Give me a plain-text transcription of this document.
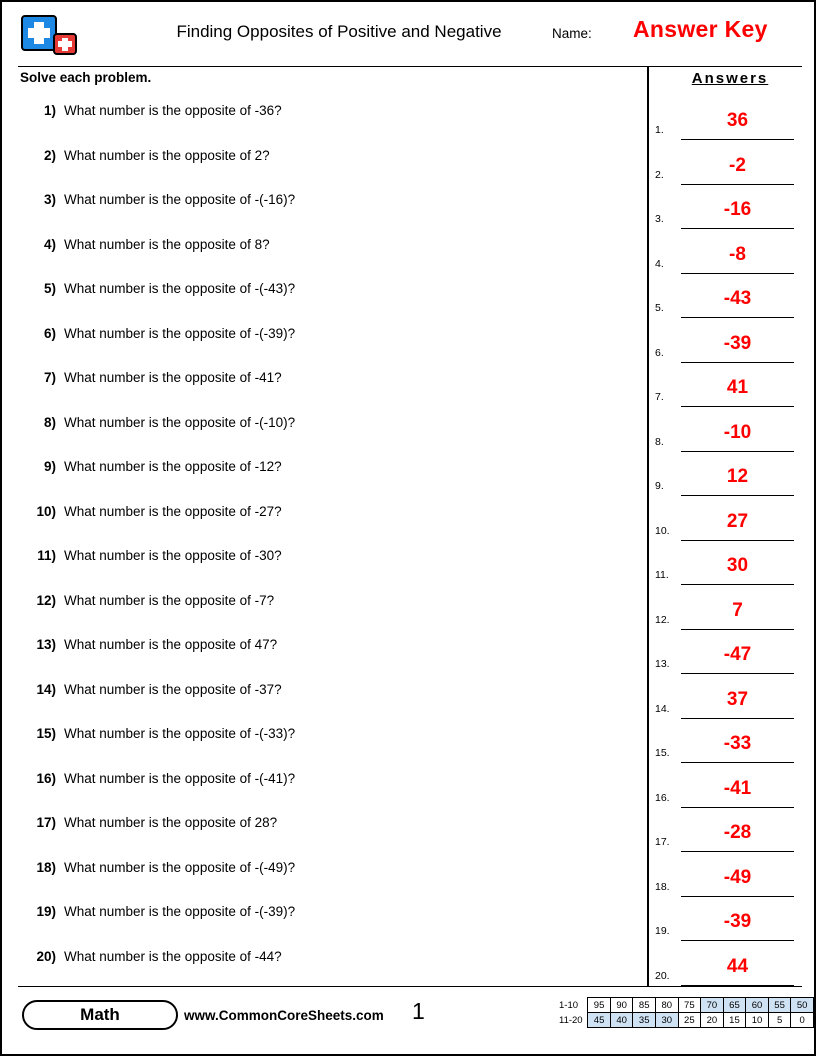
Finding Opposites of Positive and Negative	Name: Answer Key
Solve each problem.
1) What number is the opposite of -36?
2) What number is the opposite of 2?
3) What number is the opposite of -(-16)?
4) What number is the opposite of 8?
5) What number is the opposite of -(-43)?
6) What number is the opposite of -(-39)?
7) What number is the opposite of -41?
8) What number is the opposite of -(-10)?
9) What number is the opposite of -12?
10) What number is the opposite of -27?
11) What number is the opposite of -30?
12) What number is the opposite of -7?
13) What number is the opposite of 47?
14) What number is the opposite of -37?
15) What number is the opposite of -(-33)?
16) What number is the opposite of -(-41)?
17) What number is the opposite of 28?
18) What number is the opposite of -(-49)?
19) What number is the opposite of -(-39)?
20) What number is the opposite of -44?
Answers
1.	36
2.	-2
3.	-16
4.	-8
5.	-43
6.	-39
7.	41
8.	-10
9.	12
10.	27
11.	30
12.	7
13.	-47
14.	37
15.	-33
16.	-41
17.	-28
18.	-49
19.	-39
20.	44
Math	www.CommonCoreSheets.com 1	1-10	95	90	85	80	75	70	65	60	55	50
11-20	45	40	35	30	25	20	15	10	5	0
